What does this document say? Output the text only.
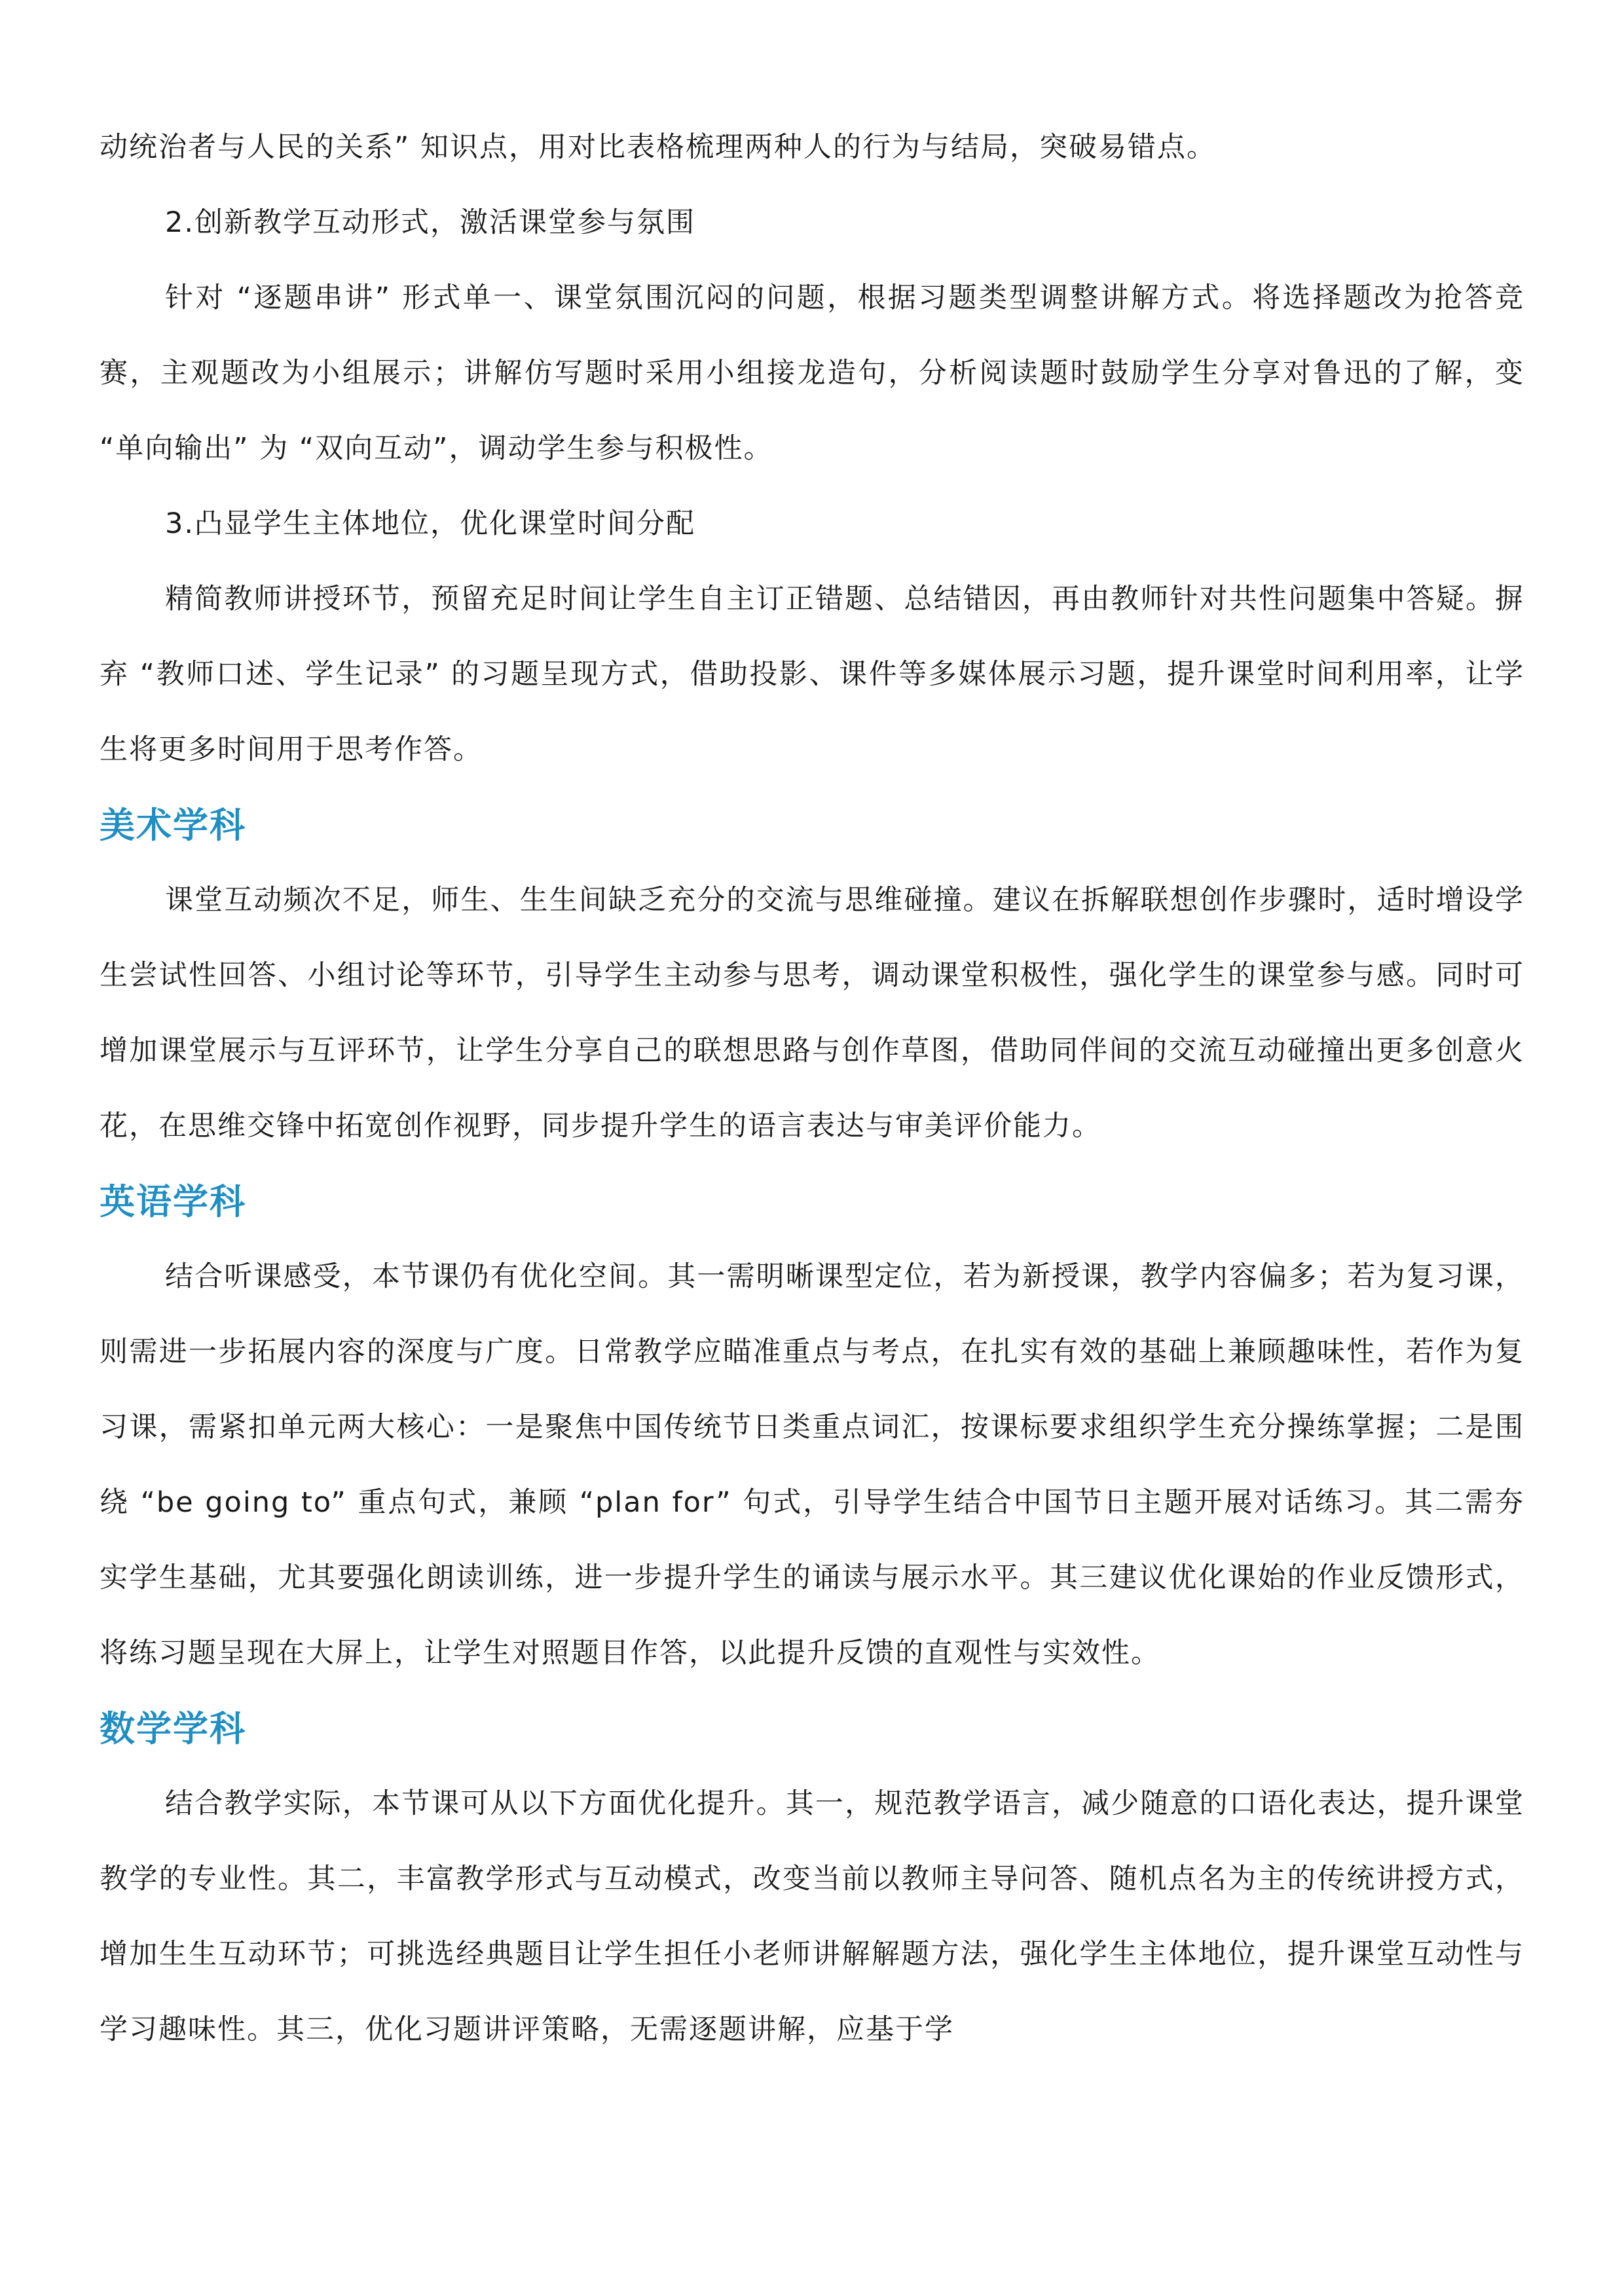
动统治者与人民的关系” 知识点，用对比表格梳理两种人的行为与结局，突破易错点。

2.创新教学互动形式，激活课堂参与氛围

针对 “逐题串讲” 形式单一、课堂氛围沉闷的问题，根据习题类型调整讲解方式。将选择题改为抢答竞赛，主观题改为小组展示；讲解仿写题时采用小组接龙造句，分析阅读题时鼓励学生分享对鲁迅的了解，变 “单向输出” 为 “双向互动”，调动学生参与积极性。

3.凸显学生主体地位，优化课堂时间分配

精简教师讲授环节，预留充足时间让学生自主订正错题、总结错因，再由教师针对共性问题集中答疑。摒弃 “教师口述、学生记录” 的习题呈现方式，借助投影、课件等多媒体展示习题，提升课堂时间利用率，让学生将更多时间用于思考作答。

美术学科

课堂互动频次不足，师生、生生间缺乏充分的交流与思维碰撞。建议在拆解联想创作步骤时，适时增设学生尝试性回答、小组讨论等环节，引导学生主动参与思考，调动课堂积极性，强化学生的课堂参与感。同时可增加课堂展示与互评环节，让学生分享自己的联想思路与创作草图，借助同伴间的交流互动碰撞出更多创意火花，在思维交锋中拓宽创作视野，同步提升学生的语言表达与审美评价能力。

英语学科

结合听课感受，本节课仍有优化空间。其一需明晰课型定位，若为新授课，教学内容偏多；若为复习课，则需进一步拓展内容的深度与广度。日常教学应瞄准重点与考点，在扎实有效的基础上兼顾趣味性，若作为复习课，需紧扣单元两大核心：一是聚焦中国传统节日类重点词汇，按课标要求组织学生充分操练掌握；二是围绕 “be going to” 重点句式，兼顾 “plan for” 句式，引导学生结合中国节日主题开展对话练习。其二需夯实学生基础，尤其要强化朗读训练，进一步提升学生的诵读与展示水平。其三建议优化课始的作业反馈形式，将练习题呈现在大屏上，让学生对照题目作答，以此提升反馈的直观性与实效性。

数学学科

结合教学实际，本节课可从以下方面优化提升。其一，规范教学语言，减少随意的口语化表达，提升课堂教学的专业性。其二，丰富教学形式与互动模式，改变当前以教师主导问答、随机点名为主的传统讲授方式，增加生生互动环节；可挑选经典题目让学生担任小老师讲解解题方法，强化学生主体地位，提升课堂互动性与学习趣味性。其三，优化习题讲评策略，无需逐题讲解，应基于学
